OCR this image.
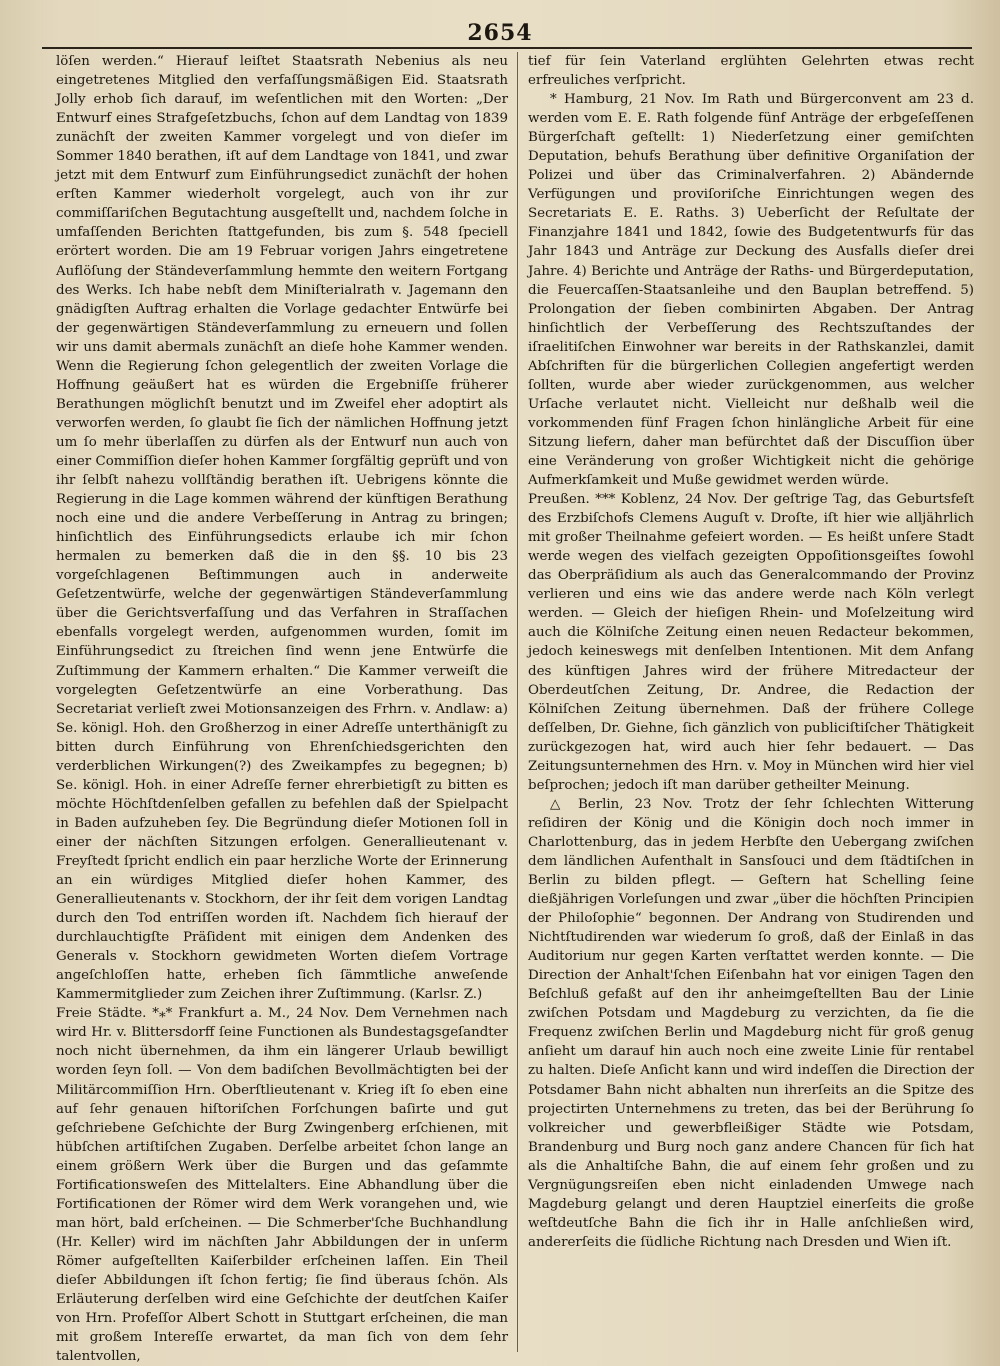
2654

löſen werden.“ Hierauf leiſtet Staatsrath Nebenius als neu eingetretenes Mitglied den verfaſſungsmäßigen Eid. Staatsrath Jolly erhob ſich darauf, im weſentlichen mit den Worten: „Der Entwurf eines Strafgeſetzbuchs, ſchon auf dem Landtag von 1839 zunächſt der zweiten Kammer vorgelegt und von dieſer im Sommer 1840 berathen, iſt auf dem Landtage von 1841, und zwar jetzt mit dem Entwurf zum Einführungsedict zunächſt der hohen erſten Kammer wiederholt vorgelegt, auch von ihr zur commiſſariſchen Begutachtung ausgeſtellt und, nachdem ſolche in umfaſſenden Berichten ſtattgefunden, bis zum §. 548 ſpeciell erörtert worden. Die am 19 Februar vorigen Jahrs eingetretene Auflöſung der Ständeverſammlung hemmte den weitern Fortgang des Werks. Ich habe nebſt dem Miniſterialrath v. Jagemann den gnädigſten Auftrag erhalten die Vorlage gedachter Entwürfe bei der gegenwärtigen Ständeverſammlung zu erneuern und ſollen wir uns damit abermals zunächſt an dieſe hohe Kammer wenden. Wenn die Regierung ſchon gelegentlich der zweiten Vorlage die Hoffnung geäußert hat es würden die Ergebniſſe früherer Berathungen möglichſt benutzt und im Zweifel eher adoptirt als verworfen werden, ſo glaubt ſie ſich der nämlichen Hoffnung jetzt um ſo mehr überlaſſen zu dürfen als der Entwurf nun auch von einer Commiſſion dieſer hohen Kammer ſorgfältig geprüft und von ihr ſelbſt nahezu vollſtändig berathen iſt. Uebrigens könnte die Regierung in die Lage kommen während der künftigen Berathung noch eine und die andere Verbeſſerung in Antrag zu bringen; hinſichtlich des Einführungsedicts erlaube ich mir ſchon hermalen zu bemerken daß die in den §§. 10 bis 23 vorgeſchlagenen Beſtimmungen auch in anderweite Geſetzentwürfe, welche der gegenwärtigen Ständeverſammlung über die Gerichtsverfaſſung und das Verfahren in Straſſachen ebenfalls vorgelegt werden, aufgenommen wurden, ſomit im Einführungsedict zu ſtreichen ſind wenn jene Entwürfe die Zuſtimmung der Kammern erhalten.“ Die Kammer verweiſt die vorgelegten Geſetzentwürfe an eine Vorberathung. Das Secretariat verlieſt zwei Motionsanzeigen des Frhrn. v. Andlaw: a) Se. königl. Hoh. den Großherzog in einer Adreſſe unterthänigſt zu bitten durch Einführung von Ehrenſchiedsgerichten den verderblichen Wirkungen(?) des Zweikampfes zu begegnen; b) Se. königl. Hoh. in einer Adreſſe ferner ehrerbietigſt zu bitten es möchte Höchſtdenſelben gefallen zu befehlen daß der Spielpacht in Baden aufzuheben ſey. Die Begründung dieſer Motionen ſoll in einer der nächſten Sitzungen erfolgen. Generallieutenant v. Freyſtedt ſpricht endlich ein paar herzliche Worte der Erinnerung an ein würdiges Mitglied dieſer hohen Kammer, des Generallieutenants v. Stockhorn, der ihr ſeit dem vorigen Landtag durch den Tod entriſſen worden iſt. Nachdem ſich hierauf der durchlauchtigſte Präſident mit einigen dem Andenken des Generals v. Stockhorn gewidmeten Worten dieſem Vortrage angeſchloſſen hatte, erheben ſich ſämmtliche anweſende Kammermitglieder zum Zeichen ihrer Zuſtimmung. (Karlsr. Z.)

Freie Städte. *⁎* Frankfurt a. M., 24 Nov. Dem Vernehmen nach wird Hr. v. Blittersdorff ſeine Functionen als Bundestagsgeſandter noch nicht übernehmen, da ihm ein längerer Urlaub bewilligt worden ſeyn ſoll. — Von dem badiſchen Bevollmächtigten bei der Militärcommiſſion Hrn. Oberſtlieutenant v. Krieg iſt ſo eben eine auf ſehr genauen hiſtoriſchen Forſchungen baſirte und gut geſchriebene Geſchichte der Burg Zwingenberg erſchienen, mit hübſchen artiſtiſchen Zugaben. Derſelbe arbeitet ſchon lange an einem größern Werk über die Burgen und das geſammte Fortificationsweſen des Mittelalters. Eine Abhandlung über die Fortificationen der Römer wird dem Werk vorangehen und, wie man hört, bald erſcheinen. — Die Schmerber'ſche Buchhandlung (Hr. Keller) wird im nächſten Jahr Abbildungen der in unſerm Römer aufgeſtellten Kaiſerbilder erſcheinen laſſen. Ein Theil dieſer Abbildungen iſt ſchon fertig; ſie ſind überaus ſchön. Als Erläuterung derſelben wird eine Geſchichte der deutſchen Kaiſer von Hrn. Profeſſor Albert Schott in Stuttgart erſcheinen, die man mit großem Intereſſe erwartet, da man ſich von dem ſehr talentvollen,

tief für ſein Vaterland erglühten Gelehrten etwas recht erfreuliches verſpricht.

* Hamburg, 21 Nov. Im Rath und Bürgerconvent am 23 d. werden vom E. E. Rath folgende fünf Anträge der erbgeſeſſenen Bürgerſchaft geſtellt: 1) Niederſetzung einer gemiſchten Deputation, behufs Berathung über definitive Organiſation der Polizei und über das Criminalverfahren. 2) Abändernde Verfügungen und proviſoriſche Einrichtungen wegen des Secretariats E. E. Raths. 3) Ueberſicht der Reſultate der Finanzjahre 1841 und 1842, ſowie des Budgetentwurfs für das Jahr 1843 und Anträge zur Deckung des Ausfalls dieſer drei Jahre. 4) Berichte und Anträge der Raths- und Bürgerdeputation, die Feuercaſſen-Staatsanleihe und den Bauplan betreffend. 5) Prolongation der ſieben combinirten Abgaben. Der Antrag hinſichtlich der Verbeſſerung des Rechtszuſtandes der iſraelitiſchen Einwohner war bereits in der Rathskanzlei, damit Abſchriften für die bürgerlichen Collegien angefertigt werden ſollten, wurde aber wieder zurückgenommen, aus welcher Urſache verlautet nicht. Vielleicht nur deßhalb weil die vorkommenden fünf Fragen ſchon hinlängliche Arbeit für eine Sitzung liefern, daher man befürchtet daß der Discuſſion über eine Veränderung von großer Wichtigkeit nicht die gehörige Aufmerkſamkeit und Muße gewidmet werden würde.

Preußen. *** Koblenz, 24 Nov. Der geſtrige Tag, das Geburtsfeſt des Erzbiſchofs Clemens Auguſt v. Droſte, iſt hier wie alljährlich mit großer Theilnahme gefeiert worden. — Es heißt unſere Stadt werde wegen des vielfach gezeigten Oppoſitionsgeiſtes ſowohl das Oberpräſidium als auch das Generalcommando der Provinz verlieren und eins wie das andere werde nach Köln verlegt werden. — Gleich der hieſigen Rhein- und Moſelzeitung wird auch die Kölniſche Zeitung einen neuen Redacteur bekommen, jedoch keineswegs mit denſelben Intentionen. Mit dem Anfang des künftigen Jahres wird der frühere Mitredacteur der Oberdeutſchen Zeitung, Dr. Andree, die Redaction der Kölniſchen Zeitung übernehmen. Daß der frühere College deſſelben, Dr. Giehne, ſich gänzlich von publiciſtiſcher Thätigkeit zurückgezogen hat, wird auch hier ſehr bedauert. — Das Zeitungsunternehmen des Hrn. v. Moy in München wird hier viel beſprochen; jedoch iſt man darüber getheilter Meinung.

△ Berlin, 23 Nov. Trotz der ſehr ſchlechten Witterung reſidiren der König und die Königin doch noch immer in Charlottenburg, das in jedem Herbſte den Uebergang zwiſchen dem ländlichen Aufenthalt in Sansſouci und dem ſtädtiſchen in Berlin zu bilden pflegt. — Geſtern hat Schelling ſeine dießjährigen Vorleſungen und zwar „über die höchſten Principien der Philoſophie“ begonnen. Der Andrang von Studirenden und Nichtſtudirenden war wiederum ſo groß, daß der Einlaß in das Auditorium nur gegen Karten verſtattet werden konnte. — Die Direction der Anhalt'ſchen Eiſenbahn hat vor einigen Tagen den Beſchluß gefaßt auf den ihr anheimgeſtellten Bau der Linie zwiſchen Potsdam und Magdeburg zu verzichten, da ſie die Frequenz zwiſchen Berlin und Magdeburg nicht für groß genug anſieht um darauf hin auch noch eine zweite Linie für rentabel zu halten. Dieſe Anſicht kann und wird indeſſen die Direction der Potsdamer Bahn nicht abhalten nun ihrerſeits an die Spitze des projectirten Unternehmens zu treten, das bei der Berührung ſo volkreicher und gewerbfleißiger Städte wie Potsdam, Brandenburg und Burg noch ganz andere Chancen für ſich hat als die Anhaltiſche Bahn, die auf einem ſehr großen und zu Vergnügungsreiſen eben nicht einladenden Umwege nach Magdeburg gelangt und deren Hauptziel einerſeits die große weſtdeutſche Bahn die ſich ihr in Halle anſchließen wird, andererſeits die ſüdliche Richtung nach Dresden und Wien iſt.
